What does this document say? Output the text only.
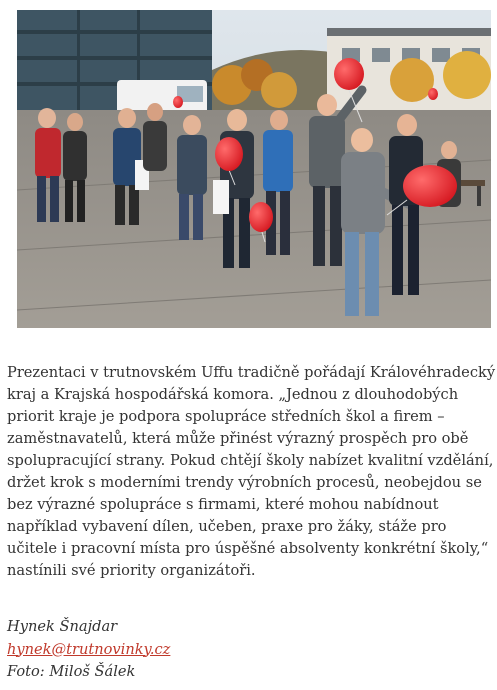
Prezentaci v trutnovském Uffu tradičně pořádají Královéhradecký
kraj a Krajská hospodářská komora. „Jednou z dlouhodobých
priorit kraje je podpora spolupráce středních škol a firem –
zaměstnavatelů, která může přinést výrazný prospěch pro obě
spolupracující strany. Pokud chtějí školy nabízet kvalitní vzdělání,
držet krok s moderními trendy výrobních procesů, neobejdou se
bez výrazné spolupráce s firmami, které mohou nabídnout
například vybavení dílen, učeben, praxe pro žáky, stáže pro
učitele i pracovní místa pro úspěšné absolventy konkrétní školy,“
nastínili své priority organizátoři.

Hynek Šnajdar
hynek@trutnovinky.cz
Foto: Miloš Šálek
